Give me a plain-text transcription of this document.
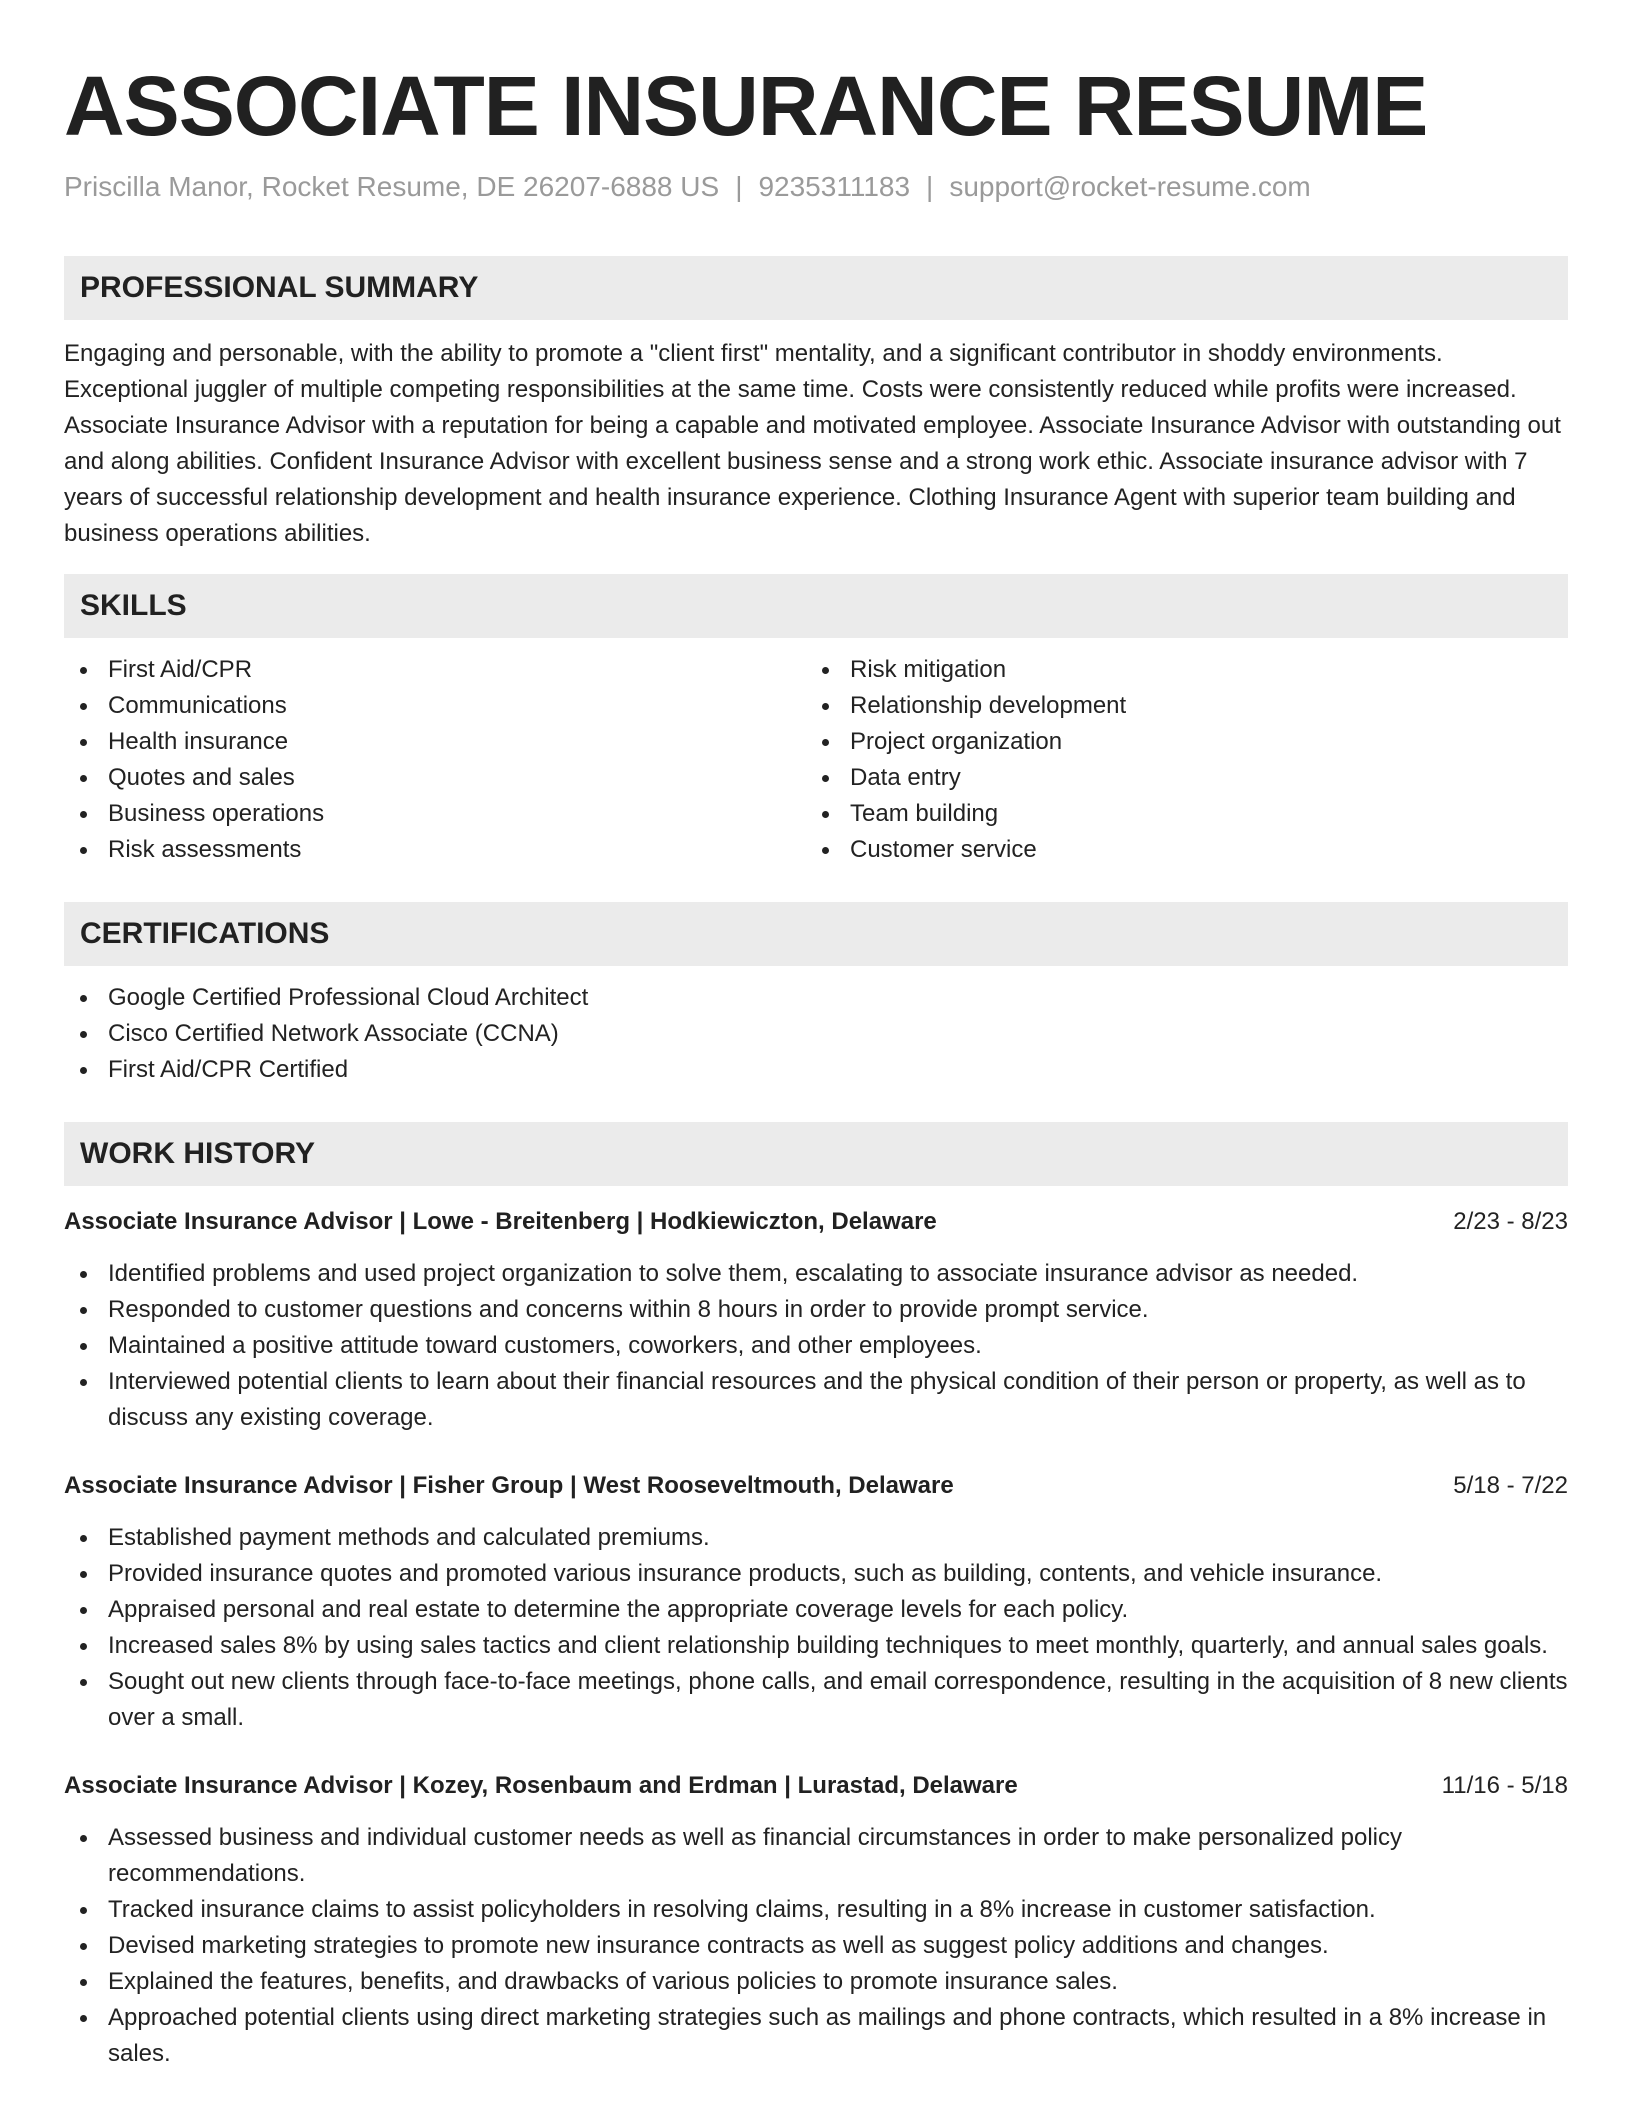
ASSOCIATE INSURANCE RESUME
Priscilla Manor, Rocket Resume, DE 26207-6888 US | 9235311183 | support@rocket-resume.com
PROFESSIONAL SUMMARY

Engaging and personable, with the ability to promote a "client first" mentality, and a significant contributor in shoddy environments. Exceptional juggler of multiple competing responsibilities at the same time. Costs were consistently reduced while profits were increased. Associate Insurance Advisor with a reputation for being a capable and motivated employee. Associate Insurance Advisor with outstanding out and along abilities. Confident Insurance Advisor with excellent business sense and a strong work ethic. Associate insurance advisor with 7 years of successful relationship development and health insurance experience. Clothing Insurance Agent with superior team building and business operations abilities.

SKILLS
First Aid/CPR
Communications
Health insurance
Quotes and sales
Business operations
Risk assessments
Risk mitigation
Relationship development
Project organization
Data entry
Team building
Customer service
CERTIFICATIONS
Google Certified Professional Cloud Architect
Cisco Certified Network Associate (CCNA)
First Aid/CPR Certified
WORK HISTORY
Associate Insurance Advisor | Lowe - Breitenberg | Hodkiewiczton, Delaware	2/23 - 8/23
Identified problems and used project organization to solve them, escalating to associate insurance advisor as needed.
Responded to customer questions and concerns within 8 hours in order to provide prompt service.
Maintained a positive attitude toward customers, coworkers, and other employees.
Interviewed potential clients to learn about their financial resources and the physical condition of their person or property, as well as to discuss any existing coverage.
Associate Insurance Advisor | Fisher Group | West Rooseveltmouth, Delaware	5/18 - 7/22
Established payment methods and calculated premiums.
Provided insurance quotes and promoted various insurance products, such as building, contents, and vehicle insurance.
Appraised personal and real estate to determine the appropriate coverage levels for each policy.
Increased sales 8% by using sales tactics and client relationship building techniques to meet monthly, quarterly, and annual sales goals.
Sought out new clients through face-to-face meetings, phone calls, and email correspondence, resulting in the acquisition of 8 new clients over a small.
Associate Insurance Advisor | Kozey, Rosenbaum and Erdman | Lurastad, Delaware	11/16 - 5/18
Assessed business and individual customer needs as well as financial circumstances in order to make personalized policy recommendations.
Tracked insurance claims to assist policyholders in resolving claims, resulting in a 8% increase in customer satisfaction.
Devised marketing strategies to promote new insurance contracts as well as suggest policy additions and changes.
Explained the features, benefits, and drawbacks of various policies to promote insurance sales.
Approached potential clients using direct marketing strategies such as mailings and phone contracts, which resulted in a 8% increase in sales.
